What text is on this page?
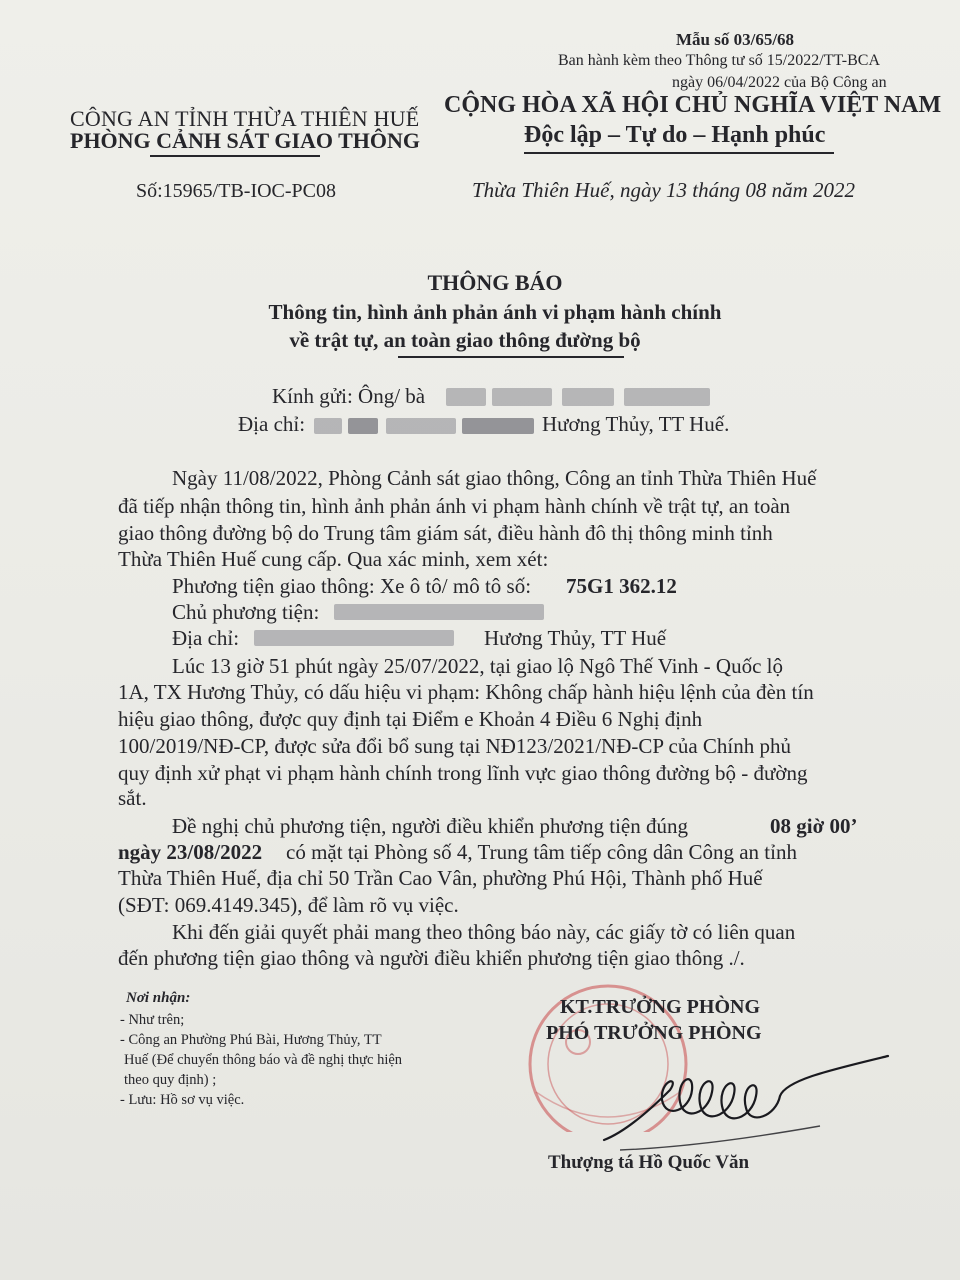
Mẫu số 03/65/68
Ban hành kèm theo Thông tư số 15/2022/TT-BCA
ngày 06/04/2022 của Bộ Công an
CÔNG AN TỈNH THỪA THIÊN HUẾ
PHÒNG CẢNH SÁT GIAO THÔNG
CỘNG HÒA XÃ HỘI CHỦ NGHĨA VIỆT NAM
Độc lập – Tự do – Hạnh phúc
Số:15965/TB-IOC-PC08	Thừa Thiên Huế, ngày 13 tháng 08 năm 2022
THÔNG BÁO
Thông tin, hình ảnh phản ánh vi phạm hành chính
về trật tự, an toàn giao thông đường bộ
Kính gửi: Ông/ bà
Địa chỉ:	Hương Thủy, TT Huế.
Ngày 11/08/2022, Phòng Cảnh sát giao thông, Công an tỉnh Thừa Thiên Huế
đã tiếp nhận thông tin, hình ảnh phản ánh vi phạm hành chính về trật tự, an toàn
giao thông đường bộ do Trung tâm giám sát, điều hành đô thị thông minh tỉnh
Thừa Thiên Huế cung cấp. Qua xác minh, xem xét:
Phương tiện giao thông: Xe ô tô/ mô tô số: 75G1 362.12
Chủ phương tiện:
Địa chỉ:	Hương Thủy, TT Huế
Lúc 13 giờ 51 phút ngày 25/07/2022, tại giao lộ Ngô Thế Vinh - Quốc lộ
1A, TX Hương Thủy, có dấu hiệu vi phạm: Không chấp hành hiệu lệnh của đèn tín
hiệu giao thông, được quy định tại Điểm e Khoản 4 Điều 6 Nghị định
100/2019/NĐ-CP, được sửa đổi bổ sung tại NĐ123/2021/NĐ-CP của Chính phủ
quy định xử phạt vi phạm hành chính trong lĩnh vực giao thông đường bộ - đường
sắt.
Đề nghị chủ phương tiện, người điều khiển phương tiện đúng	08 giờ 00’
ngày 23/08/2022 có mặt tại Phòng số 4, Trung tâm tiếp công dân Công an tỉnh
Thừa Thiên Huế, địa chỉ 50 Trần Cao Vân, phường Phú Hội, Thành phố Huế
(SĐT: 069.4149.345), để làm rõ vụ việc.
Khi đến giải quyết phải mang theo thông báo này, các giấy tờ có liên quan
đến phương tiện giao thông và người điều khiển phương tiện giao thông ./.
Nơi nhận:
- Như trên;
- Công an Phường Phú Bài, Hương Thủy, TT
Huế (Để chuyển thông báo và đề nghị thực hiện
theo quy định) ;
- Lưu: Hồ sơ vụ việc.
KT.TRƯỞNG PHÒNG
PHÓ TRƯỞNG PHÒNG
Thượng tá Hồ Quốc Văn
